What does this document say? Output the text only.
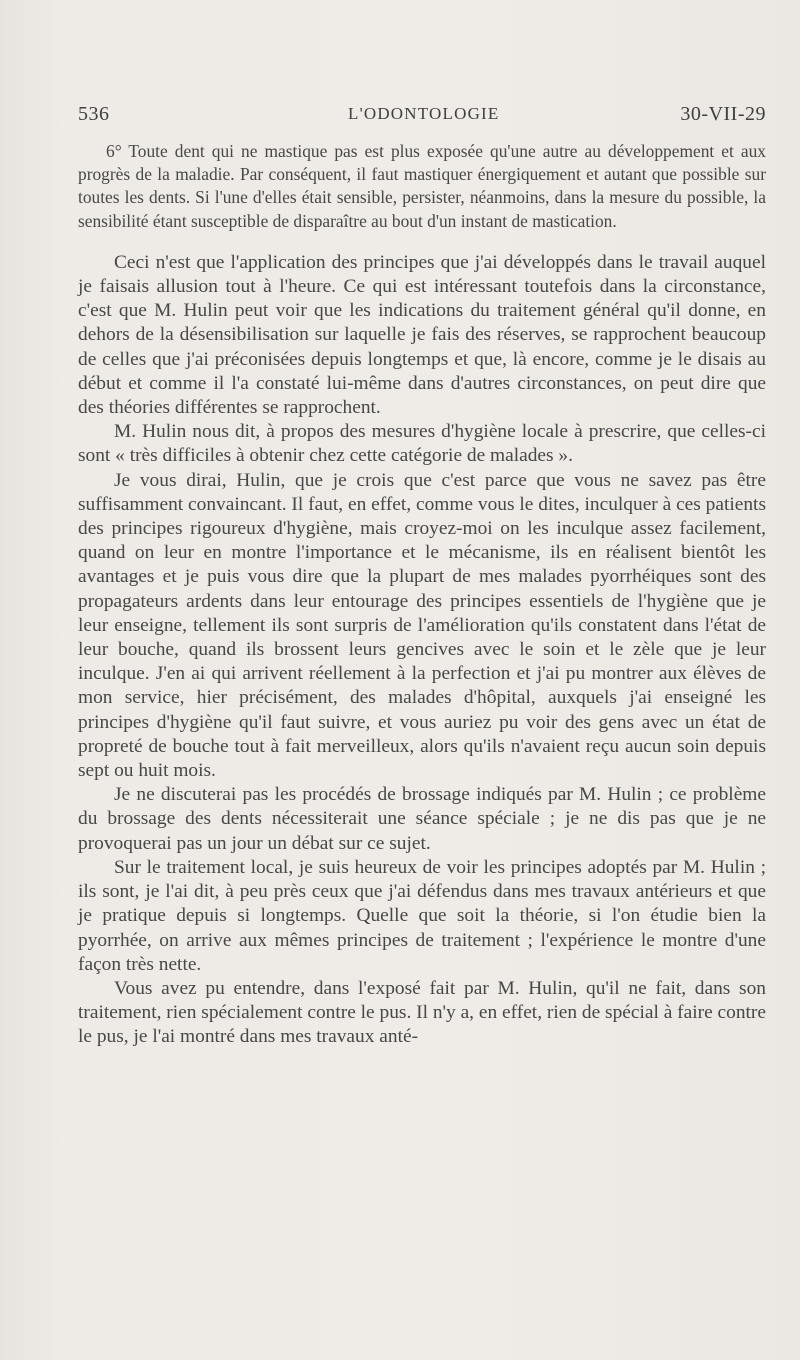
536	L'ODONTOLOGIE	30-VII-29

6° Toute dent qui ne mastique pas est plus exposée qu'une autre au développement et aux progrès de la maladie. Par conséquent, il faut mastiquer énergiquement et autant que possible sur toutes les dents. Si l'une d'elles était sensible, persister, néanmoins, dans la mesure du possible, la sensibilité étant susceptible de disparaître au bout d'un instant de mastication.

Ceci n'est que l'application des principes que j'ai développés dans le travail auquel je faisais allusion tout à l'heure. Ce qui est intéressant toutefois dans la circonstance, c'est que M. Hulin peut voir que les indications du traitement général qu'il donne, en dehors de la désensibilisation sur laquelle je fais des réserves, se rapprochent beaucoup de celles que j'ai préconisées depuis longtemps et que, là encore, comme je le disais au début et comme il l'a constaté lui-même dans d'autres circonstances, on peut dire que des théories différentes se rapprochent.

M. Hulin nous dit, à propos des mesures d'hygiène locale à prescrire, que celles-ci sont « très difficiles à obtenir chez cette catégorie de malades ».

Je vous dirai, Hulin, que je crois que c'est parce que vous ne savez pas être suffisamment convaincant. Il faut, en effet, comme vous le dites, inculquer à ces patients des principes rigoureux d'hygiène, mais croyez-moi on les inculque assez facilement, quand on leur en montre l'importance et le mécanisme, ils en réalisent bientôt les avantages et je puis vous dire que la plupart de mes malades pyorrhéiques sont des propagateurs ardents dans leur entourage des principes essentiels de l'hygiène que je leur enseigne, tellement ils sont surpris de l'amélioration qu'ils constatent dans l'état de leur bouche, quand ils brossent leurs gencives avec le soin et le zèle que je leur inculque. J'en ai qui arrivent réellement à la perfection et j'ai pu montrer aux élèves de mon service, hier précisément, des malades d'hôpital, auxquels j'ai enseigné les principes d'hygiène qu'il faut suivre, et vous auriez pu voir des gens avec un état de propreté de bouche tout à fait merveilleux, alors qu'ils n'avaient reçu aucun soin depuis sept ou huit mois.

Je ne discuterai pas les procédés de brossage indiqués par M. Hulin ; ce problème du brossage des dents nécessiterait une séance spéciale ; je ne dis pas que je ne provoquerai pas un jour un débat sur ce sujet.

Sur le traitement local, je suis heureux de voir les principes adoptés par M. Hulin ; ils sont, je l'ai dit, à peu près ceux que j'ai défendus dans mes travaux antérieurs et que je pratique depuis si longtemps. Quelle que soit la théorie, si l'on étudie bien la pyorrhée, on arrive aux mêmes principes de traitement ; l'expérience le montre d'une façon très nette.

Vous avez pu entendre, dans l'exposé fait par M. Hulin, qu'il ne fait, dans son traitement, rien spécialement contre le pus. Il n'y a, en effet, rien de spécial à faire contre le pus, je l'ai montré dans mes travaux anté-
